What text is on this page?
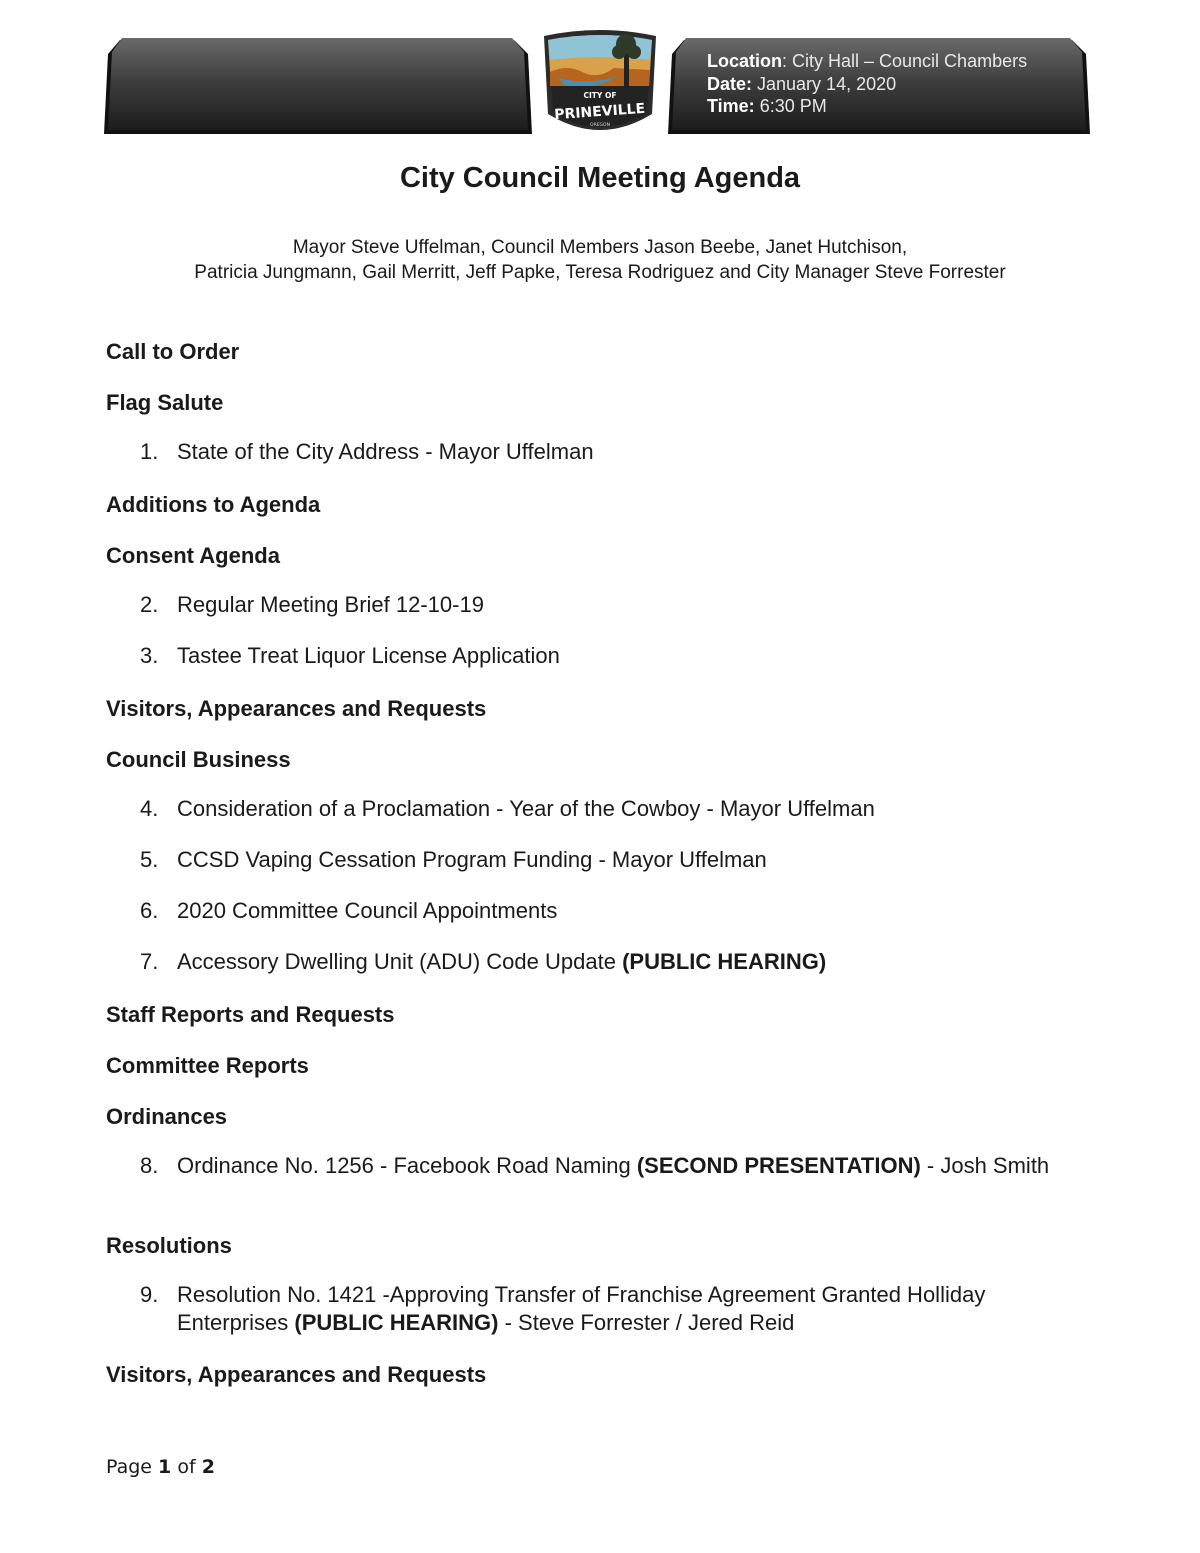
Location: City Hall – Council Chambers
Date: January 14, 2020
Time: 6:30 PM
CITY OF
PRINEVILLE
OREGON
City Council Meeting Agenda
Mayor Steve Uffelman, Council Members Jason Beebe, Janet Hutchison,
Patricia Jungmann, Gail Merritt, Jeff Papke, Teresa Rodriguez and City Manager Steve Forrester

Call to Order

Flag Salute

1. State of the City Address - Mayor Uffelman

Additions to Agenda

Consent Agenda

2. Regular Meeting Brief 12-10-19

3. Tastee Treat Liquor License Application

Visitors, Appearances and Requests

Council Business

4. Consideration of a Proclamation - Year of the Cowboy - Mayor Uffelman

5. CCSD Vaping Cessation Program Funding - Mayor Uffelman

6. 2020 Committee Council Appointments

7. Accessory Dwelling Unit (ADU) Code Update (PUBLIC HEARING)

Staff Reports and Requests

Committee Reports

Ordinances

8. Ordinance No. 1256 - Facebook Road Naming (SECOND PRESENTATION) - Josh Smith

Resolutions

9. Resolution No. 1421 -Approving Transfer of Franchise Agreement Granted Holliday Enterprises (PUBLIC HEARING) - Steve Forrester / Jered Reid

Visitors, Appearances and Requests

Page 1 of 2
